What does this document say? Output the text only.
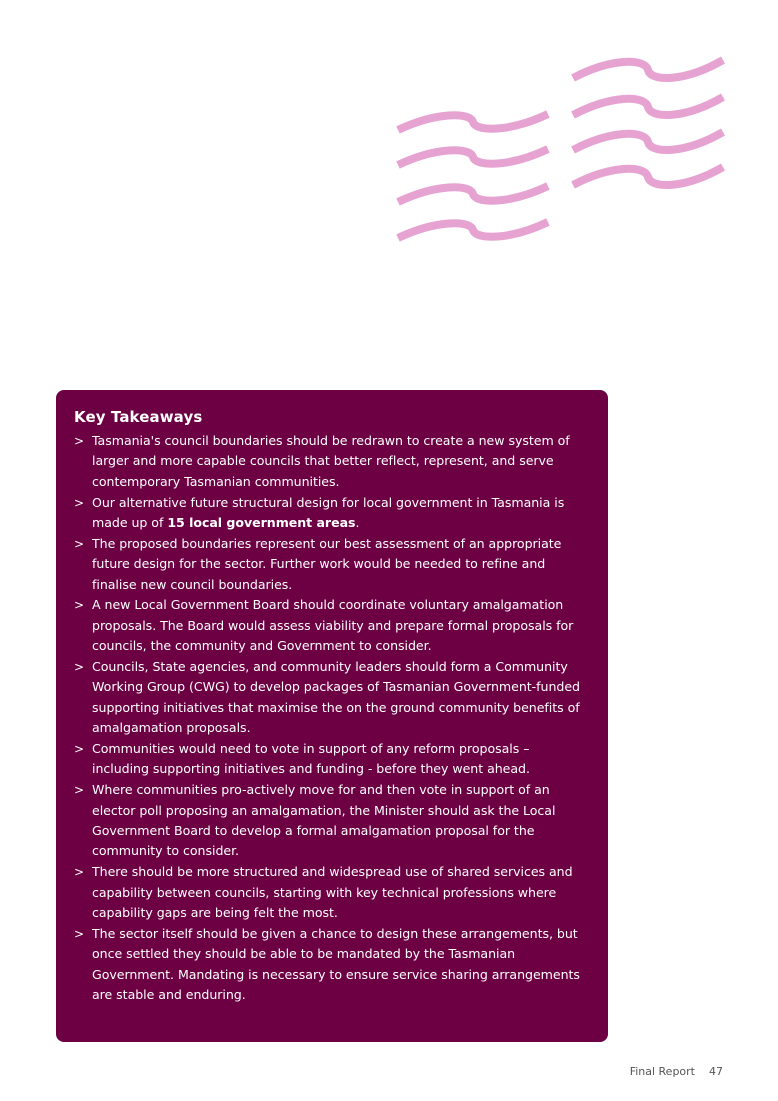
Key Takeaways
> Tasmania's council boundaries should be redrawn to create a new system of larger and more capable councils that better reflect, represent, and serve contemporary Tasmanian communities.
> Our alternative future structural design for local government in Tasmania is made up of 15 local government areas.
> The proposed boundaries represent our best assessment of an appropriate future design for the sector. Further work would be needed to refine and finalise new council boundaries.
> A new Local Government Board should coordinate voluntary amalgamation proposals. The Board would assess viability and prepare formal proposals for councils, the community and Government to consider.
> Councils, State agencies, and community leaders should form a Community Working Group (CWG) to develop packages of Tasmanian Government-funded supporting initiatives that maximise the on the ground community benefits of amalgamation proposals.
> Communities would need to vote in support of any reform proposals – including supporting initiatives and funding - before they went ahead.
> Where communities pro-actively move for and then vote in support of an elector poll proposing an amalgamation, the Minister should ask the Local Government Board to develop a formal amalgamation proposal for the community to consider.
> There should be more structured and widespread use of shared services and capability between councils, starting with key technical professions where capability gaps are being felt the most.
> The sector itself should be given a chance to design these arrangements, but once settled they should be able to be mandated by the Tasmanian Government. Mandating is necessary to ensure service sharing arrangements are stable and enduring.
Final Report 47
